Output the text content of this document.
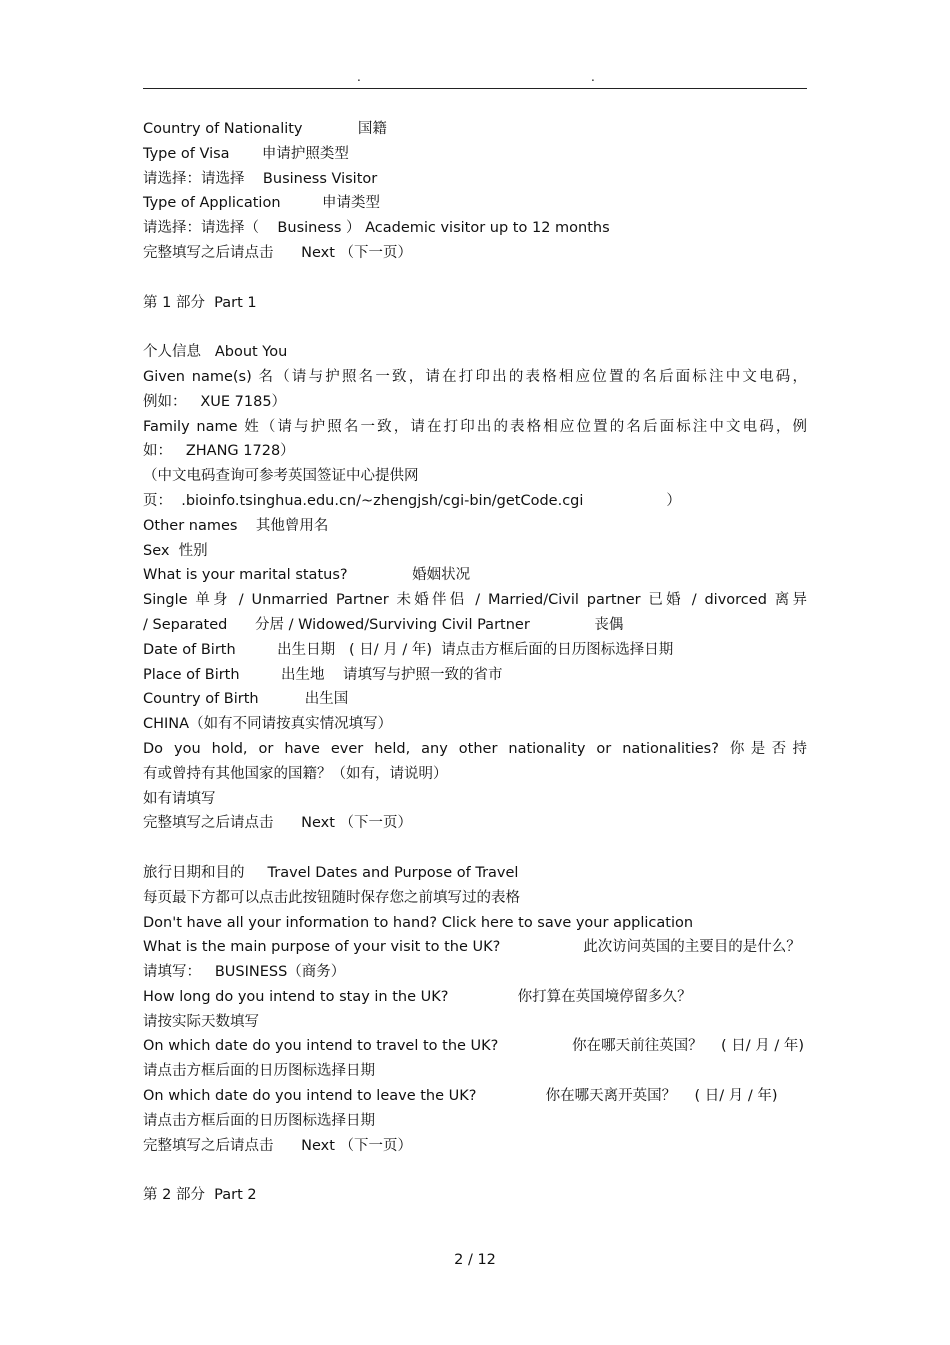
.	.
Country of Nationality            国籍
Type of Visa       申请护照类型
请选择：请选择    Business Visitor
Type of Application         申请类型
请选择：请选择（    Business ） Academic visitor up to 12 months
完整填写之后请点击      Next （下一页）
第 1 部分  Part 1
个人信息   About You
Given name(s) 名（请与护照名一致，请在打印出的表格相应位置的名后面标注中文电码，
例如：   XUE 7185）
Family name 姓（请与护照名一致，请在打印出的表格相应位置的名后面标注中文电码，例
如：   ZHANG 1728）
（中文电码查询可参考英国签证中心提供网
页：  .bioinfo.tsinghua.edu.cn/~zhengjsh/cgi-bin/getCode.cgi                  ）
Other names    其他曾用名
Sex  性别
What is your marital status?              婚姻状况
Single 单身 / Unmarried Partner 未婚伴侣 / Married/Civil partner 已婚 / divorced 离异
/ Separated      分居 / Widowed/Surviving Civil Partner              丧偶
Date of Birth         出生日期   ( 日/ 月 / 年)  请点击方框后面的日历图标选择日期
Place of Birth         出生地    请填写与护照一致的省市
Country of Birth          出生国
CHINA（如有不同请按真实情况填写）
Do you hold, or have ever held, any other nationality or nationalities? 你是否持
有或曾持有其他国家的国籍？（如有，请说明）
如有请填写
完整填写之后请点击      Next （下一页）
旅行日期和目的     Travel Dates and Purpose of Travel
每页最下方都可以点击此按钮随时保存您之前填写过的表格
Don't have all your information to hand? Click here to save your application
What is the main purpose of your visit to the UK?                  此次访问英国的主要目的是什么？
请填写：   BUSINESS（商务）
How long do you intend to stay in the UK?               你打算在英国境停留多久？
请按实际天数填写
On which date do you intend to travel to the UK?                你在哪天前往英国？    ( 日/ 月 / 年)
请点击方框后面的日历图标选择日期
On which date do you intend to leave the UK?               你在哪天离开英国？    ( 日/ 月 / 年)
请点击方框后面的日历图标选择日期
完整填写之后请点击      Next （下一页）
第 2 部分  Part 2
2 / 12
